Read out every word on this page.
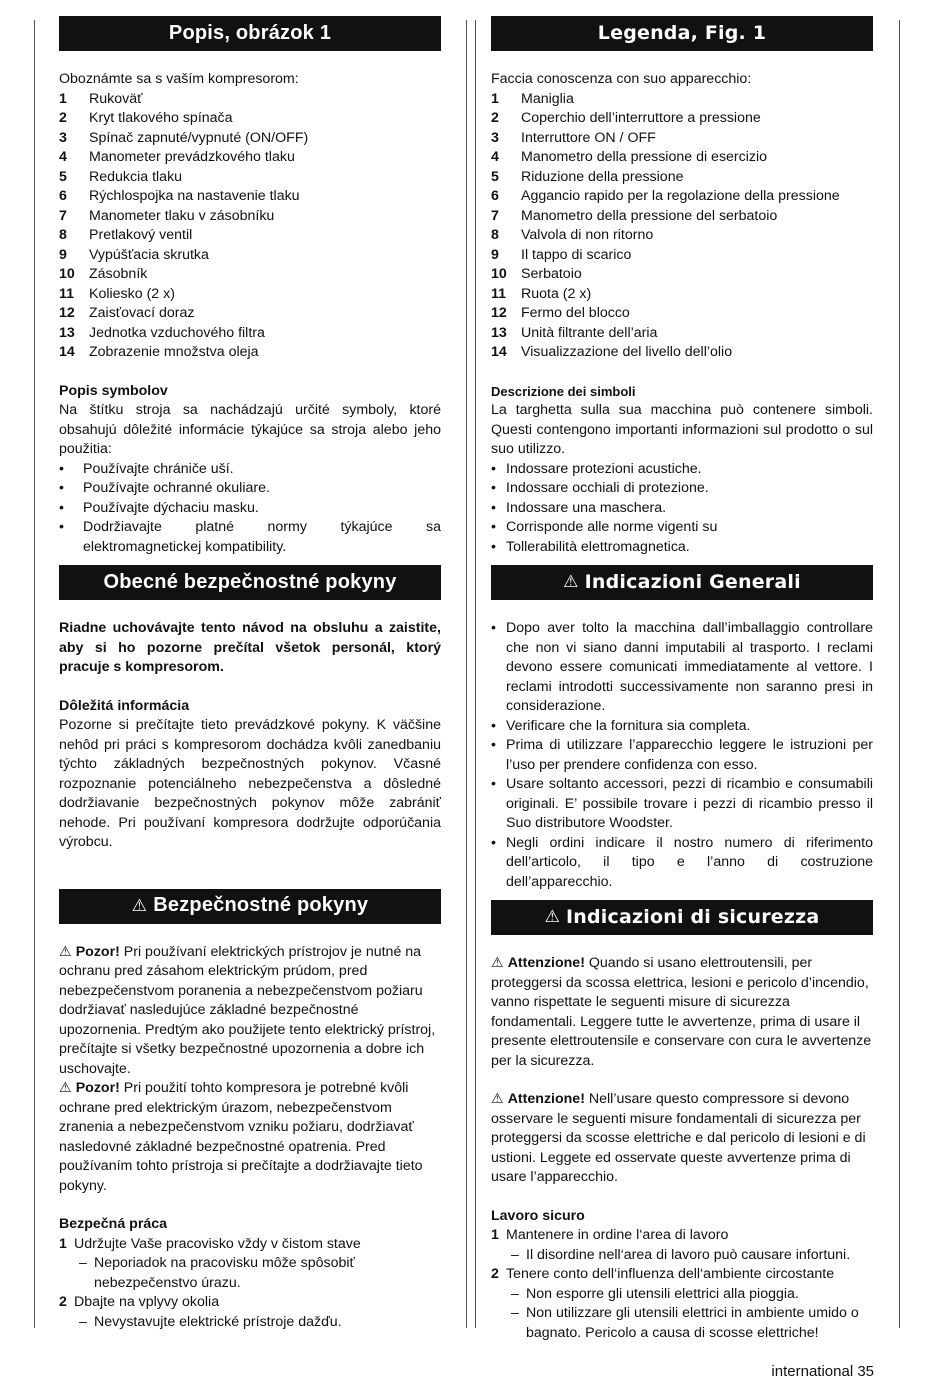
Popis, obrázok 1

Oboznámte sa s vaším kompresorom:

1	Rukoväť
2	Kryt tlakového spínača
3	Spínač zapnuté/vypnuté (ON/OFF)
4	Manometer prevádzkového tlaku
5	Redukcia tlaku
6	Rýchlospojka na nastavenie tlaku
7	Manometer tlaku v zásobníku
8	Pretlakový ventil
9	Vypúšťacia skrutka
10	Zásobník
11	Koliesko (2 x)
12	Zaisťovací doraz
13	Jednotka vzduchového filtra
14	Zobrazenie množstva oleja

Popis symbolov

Na štítku stroja sa nachádzajú určité symboly, ktoré obsahujú dôležité informácie týkajúce sa stroja alebo jeho použitia:

• Používajte chrániče uší.
• Používajte ochranné okuliare.
• Používajte dýchaciu masku.
• Dodržiavajte platné normy týkajúce sa elektromagnetickej kompatibility.
Obecné bezpečnostné pokyny

Riadne uchovávajte tento návod na obsluhu a zaistite, aby si ho pozorne prečítal všetok personál, ktorý pracuje s kompresorom.

Dôležitá informácia

Pozorne si prečítajte tieto prevádzkové pokyny. K väčšine nehôd pri práci s kompresorom dochádza kvôli zanedbaniu týchto základných bezpečnostných pokynov. Včasné rozpoznanie potenciálneho nebezpečenstva a dôsledné dodržiavanie bezpečnostných pokynov môže zabrániť nehode. Pri používaní kompresora dodržujte odporúčania výrobcu.

⚠ Bezpečnostné pokyny

⚠ Pozor! Pri používaní elektrických prístrojov je nutné na ochranu pred zásahom elektrickým prúdom, pred nebezpečenstvom poranenia a nebezpečenstvom požiaru dodržiavať nasledujúce základné bezpečnostné upozornenia. Predtým ako použijete tento elektrický prístroj, prečítajte si všetky bezpečnostné upozornenia a dobre ich uschovajte.

⚠ Pozor! Pri použití tohto kompresora je potrebné kvôli ochrane pred elektrickým úrazom, nebezpečenstvom zranenia a nebezpečenstvom vzniku požiaru, dodržiavať nasledovné základné bezpečnostné opatrenia. Pred používaním tohto prístroja si prečítajte a dodržiavajte tieto pokyny.

Bezpečná práca

1 Udržujte Vaše pracovisko vždy v čistom stave
– Neporiadok na pracovisku môže spôsobiť nebezpečenstvo úrazu.
2 Dbajte na vplyvy okolia
– Nevystavujte elektrické prístroje dažďu.
Legenda, Fig. 1

Faccia conoscenza con suo apparecchio:

1	Maniglia
2	Coperchio dell’interruttore a pressione
3	Interruttore ON / OFF
4	Manometro della pressione di esercizio
5	Riduzione della pressione
6	Aggancio rapido per la regolazione della pressione
7	Manometro della pressione del serbatoio
8	Valvola di non ritorno
9	Il tappo di scarico
10	Serbatoio
11	Ruota (2 x)
12	Fermo del blocco
13	Unità filtrante dell’aria
14	Visualizzazione del livello dell’olio

Descrizione dei simboli

La targhetta sulla sua macchina può contenere simboli. Questi contengono importanti informazioni sul prodotto o sul suo utilizzo.

• Indossare protezioni acustiche.
• Indossare occhiali di protezione.
• Indossare una maschera.
• Corrisponde alle norme vigenti su
• Tollerabilità elettromagnetica.
⚠ Indicazioni Generali
• Dopo aver tolto la macchina dall’imballaggio controllare che non vi siano danni imputabili al trasporto. I reclami devono essere comunicati immediatamente al vettore. I reclami introdotti successivamente non saranno presi in considerazione.
• Verificare che la fornitura sia completa.
• Prima di utilizzare l’apparecchio leggere le istruzioni per l’uso per prendere confidenza con esso.
• Usare soltanto accessori, pezzi di ricambio e consumabili originali. E’ possibile trovare i pezzi di ricambio presso il Suo distributore Woodster.
• Negli ordini indicare il nostro numero di riferimento dell’articolo, il tipo e l’anno di costruzione dell’apparecchio.
⚠ Indicazioni di sicurezza

⚠ Attenzione! Quando si usano elettroutensili, per proteggersi da scossa elettrica, lesioni e pericolo d’incendio, vanno rispettate le seguenti misure di sicurezza fondamentali. Leggere tutte le avvertenze, prima di usare il presente elettroutensile e conservare con cura le avvertenze per la sicurezza.

⚠ Attenzione! Nell’usare questo compressore si devono osservare le seguenti misure fondamentali di sicurezza per proteggersi da scosse elettriche e dal pericolo di lesioni e di ustioni. Leggete ed osservate queste avvertenze prima di usare l’apparecchio.

Lavoro sicuro

1 Mantenere in ordine l‘area di lavoro
– Il disordine nell‘area di lavoro può causare infortuni.
2 Tenere conto dell‘influenza dell‘ambiente circostante
– Non esporre gli utensili elettrici alla pioggia.
– Non utilizzare gli utensili elettrici in ambiente umido o bagnato. Pericolo a causa di scosse elettriche!
international 35
